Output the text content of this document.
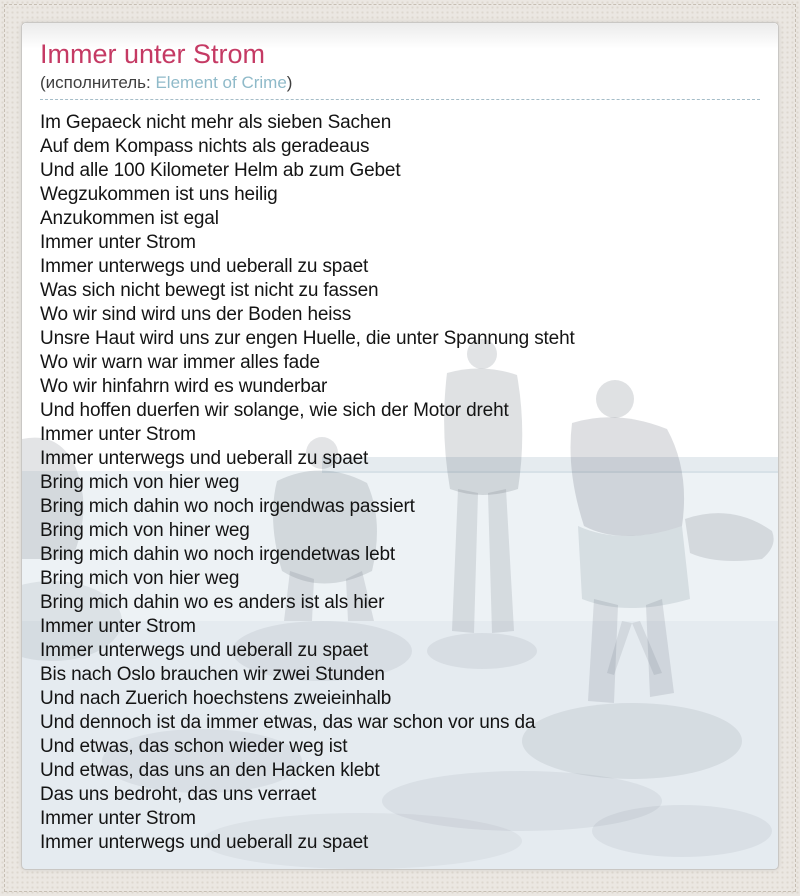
Immer unter Strom
(исполнитель: Element of Crime)
Im Gepaeck nicht mehr als sieben Sachen
Auf dem Kompass nichts als geradeaus
Und alle 100 Kilometer Helm ab zum Gebet
Wegzukommen ist uns heilig
Anzukommen ist egal
Immer unter Strom
Immer unterwegs und ueberall zu spaet
Was sich nicht bewegt ist nicht zu fassen
Wo wir sind wird uns der Boden heiss
Unsre Haut wird uns zur engen Huelle, die unter Spannung steht
Wo wir warn war immer alles fade
Wo wir hinfahrn wird es wunderbar
Und hoffen duerfen wir solange, wie sich der Motor dreht
Immer unter Strom
Immer unterwegs und ueberall zu spaet
Bring mich von hier weg
Bring mich dahin wo noch irgendwas passiert
Bring mich von hiner weg
Bring mich dahin wo noch irgendetwas lebt
Bring mich von hier weg
Bring mich dahin wo es anders ist als hier
Immer unter Strom
Immer unterwegs und ueberall zu spaet
Bis nach Oslo brauchen wir zwei Stunden
Und nach Zuerich hoechstens zweieinhalb
Und dennoch ist da immer etwas, das war schon vor uns da
Und etwas, das schon wieder weg ist
Und etwas, das uns an den Hacken klebt
Das uns bedroht, das uns verraet
Immer unter Strom
Immer unterwegs und ueberall zu spaet
